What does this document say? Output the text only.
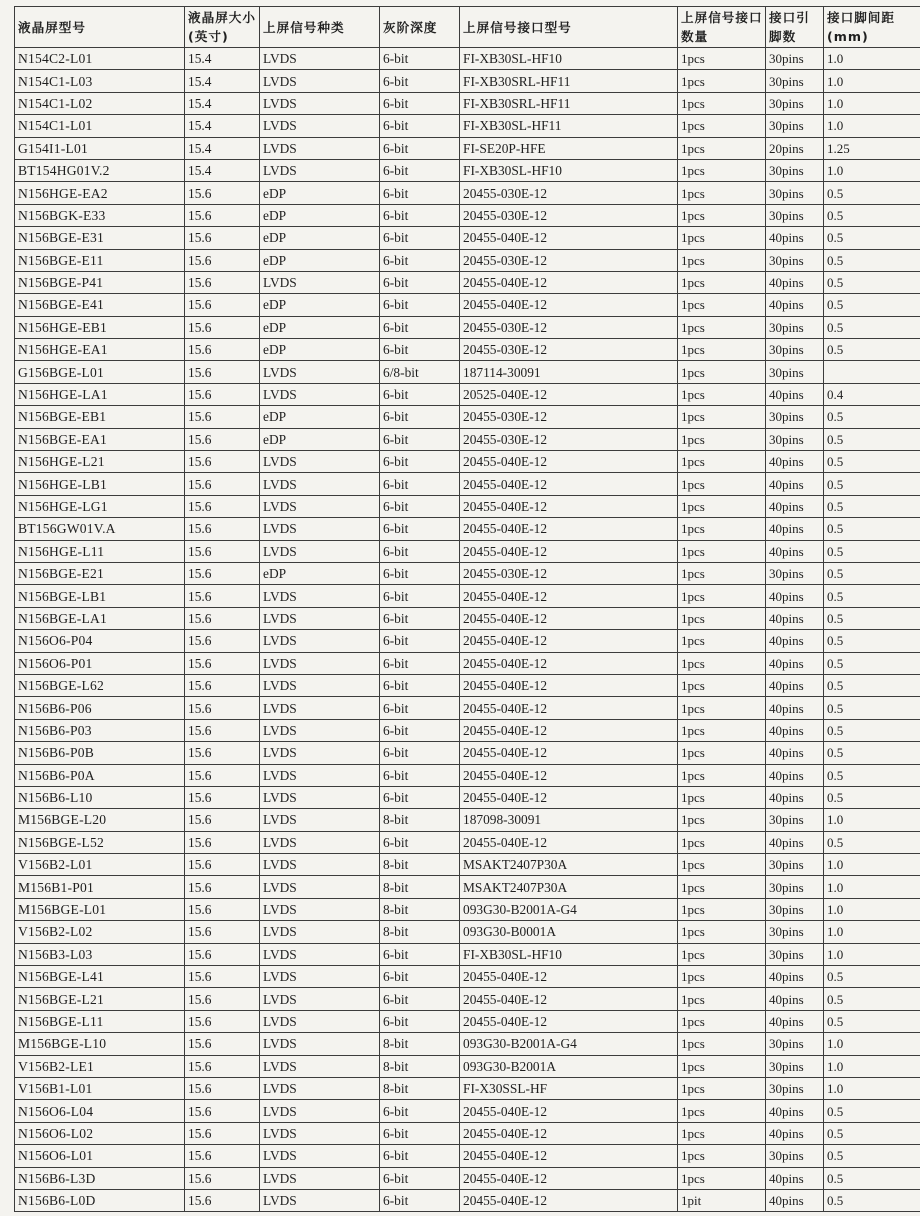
液晶屏型号	液晶屏大小(英寸)	上屏信号种类	灰阶深度	上屏信号接口型号	上屏信号接口数量	接口引脚数	接口脚间距(mm)
N154C2-L01	15.4	LVDS	6-bit	FI-XB30SL-HF10	1pcs	30pins	1.0
N154C1-L03	15.4	LVDS	6-bit	FI-XB30SRL-HF11	1pcs	30pins	1.0
N154C1-L02	15.4	LVDS	6-bit	FI-XB30SRL-HF11	1pcs	30pins	1.0
N154C1-L01	15.4	LVDS	6-bit	FI-XB30SL-HF11	1pcs	30pins	1.0
G154I1-L01	15.4	LVDS	6-bit	FI-SE20P-HFE	1pcs	20pins	1.25
BT154HG01V.2	15.4	LVDS	6-bit	FI-XB30SL-HF10	1pcs	30pins	1.0
N156HGE-EA2	15.6	eDP	6-bit	20455-030E-12	1pcs	30pins	0.5
N156BGK-E33	15.6	eDP	6-bit	20455-030E-12	1pcs	30pins	0.5
N156BGE-E31	15.6	eDP	6-bit	20455-040E-12	1pcs	40pins	0.5
N156BGE-E11	15.6	eDP	6-bit	20455-030E-12	1pcs	30pins	0.5
N156BGE-P41	15.6	LVDS	6-bit	20455-040E-12	1pcs	40pins	0.5
N156BGE-E41	15.6	eDP	6-bit	20455-040E-12	1pcs	40pins	0.5
N156HGE-EB1	15.6	eDP	6-bit	20455-030E-12	1pcs	30pins	0.5
N156HGE-EA1	15.6	eDP	6-bit	20455-030E-12	1pcs	30pins	0.5
G156BGE-L01	15.6	LVDS	6/8-bit	187114-30091	1pcs	30pins	
N156HGE-LA1	15.6	LVDS	6-bit	20525-040E-12	1pcs	40pins	0.4
N156BGE-EB1	15.6	eDP	6-bit	20455-030E-12	1pcs	30pins	0.5
N156BGE-EA1	15.6	eDP	6-bit	20455-030E-12	1pcs	30pins	0.5
N156HGE-L21	15.6	LVDS	6-bit	20455-040E-12	1pcs	40pins	0.5
N156HGE-LB1	15.6	LVDS	6-bit	20455-040E-12	1pcs	40pins	0.5
N156HGE-LG1	15.6	LVDS	6-bit	20455-040E-12	1pcs	40pins	0.5
BT156GW01V.A	15.6	LVDS	6-bit	20455-040E-12	1pcs	40pins	0.5
N156HGE-L11	15.6	LVDS	6-bit	20455-040E-12	1pcs	40pins	0.5
N156BGE-E21	15.6	eDP	6-bit	20455-030E-12	1pcs	30pins	0.5
N156BGE-LB1	15.6	LVDS	6-bit	20455-040E-12	1pcs	40pins	0.5
N156BGE-LA1	15.6	LVDS	6-bit	20455-040E-12	1pcs	40pins	0.5
N156O6-P04	15.6	LVDS	6-bit	20455-040E-12	1pcs	40pins	0.5
N156O6-P01	15.6	LVDS	6-bit	20455-040E-12	1pcs	40pins	0.5
N156BGE-L62	15.6	LVDS	6-bit	20455-040E-12	1pcs	40pins	0.5
N156B6-P06	15.6	LVDS	6-bit	20455-040E-12	1pcs	40pins	0.5
N156B6-P03	15.6	LVDS	6-bit	20455-040E-12	1pcs	40pins	0.5
N156B6-P0B	15.6	LVDS	6-bit	20455-040E-12	1pcs	40pins	0.5
N156B6-P0A	15.6	LVDS	6-bit	20455-040E-12	1pcs	40pins	0.5
N156B6-L10	15.6	LVDS	6-bit	20455-040E-12	1pcs	40pins	0.5
M156BGE-L20	15.6	LVDS	8-bit	187098-30091	1pcs	30pins	1.0
N156BGE-L52	15.6	LVDS	6-bit	20455-040E-12	1pcs	40pins	0.5
V156B2-L01	15.6	LVDS	8-bit	MSAKT2407P30A	1pcs	30pins	1.0
M156B1-P01	15.6	LVDS	8-bit	MSAKT2407P30A	1pcs	30pins	1.0
M156BGE-L01	15.6	LVDS	8-bit	093G30-B2001A-G4	1pcs	30pins	1.0
V156B2-L02	15.6	LVDS	8-bit	093G30-B0001A	1pcs	30pins	1.0
N156B3-L03	15.6	LVDS	6-bit	FI-XB30SL-HF10	1pcs	30pins	1.0
N156BGE-L41	15.6	LVDS	6-bit	20455-040E-12	1pcs	40pins	0.5
N156BGE-L21	15.6	LVDS	6-bit	20455-040E-12	1pcs	40pins	0.5
N156BGE-L11	15.6	LVDS	6-bit	20455-040E-12	1pcs	40pins	0.5
M156BGE-L10	15.6	LVDS	8-bit	093G30-B2001A-G4	1pcs	30pins	1.0
V156B2-LE1	15.6	LVDS	8-bit	093G30-B2001A	1pcs	30pins	1.0
V156B1-L01	15.6	LVDS	8-bit	FI-X30SSL-HF	1pcs	30pins	1.0
N156O6-L04	15.6	LVDS	6-bit	20455-040E-12	1pcs	40pins	0.5
N156O6-L02	15.6	LVDS	6-bit	20455-040E-12	1pcs	40pins	0.5
N156O6-L01	15.6	LVDS	6-bit	20455-040E-12	1pcs	30pins	0.5
N156B6-L3D	15.6	LVDS	6-bit	20455-040E-12	1pcs	40pins	0.5
N156B6-L0D	15.6	LVDS	6-bit	20455-040E-12	1pit	40pins	0.5
